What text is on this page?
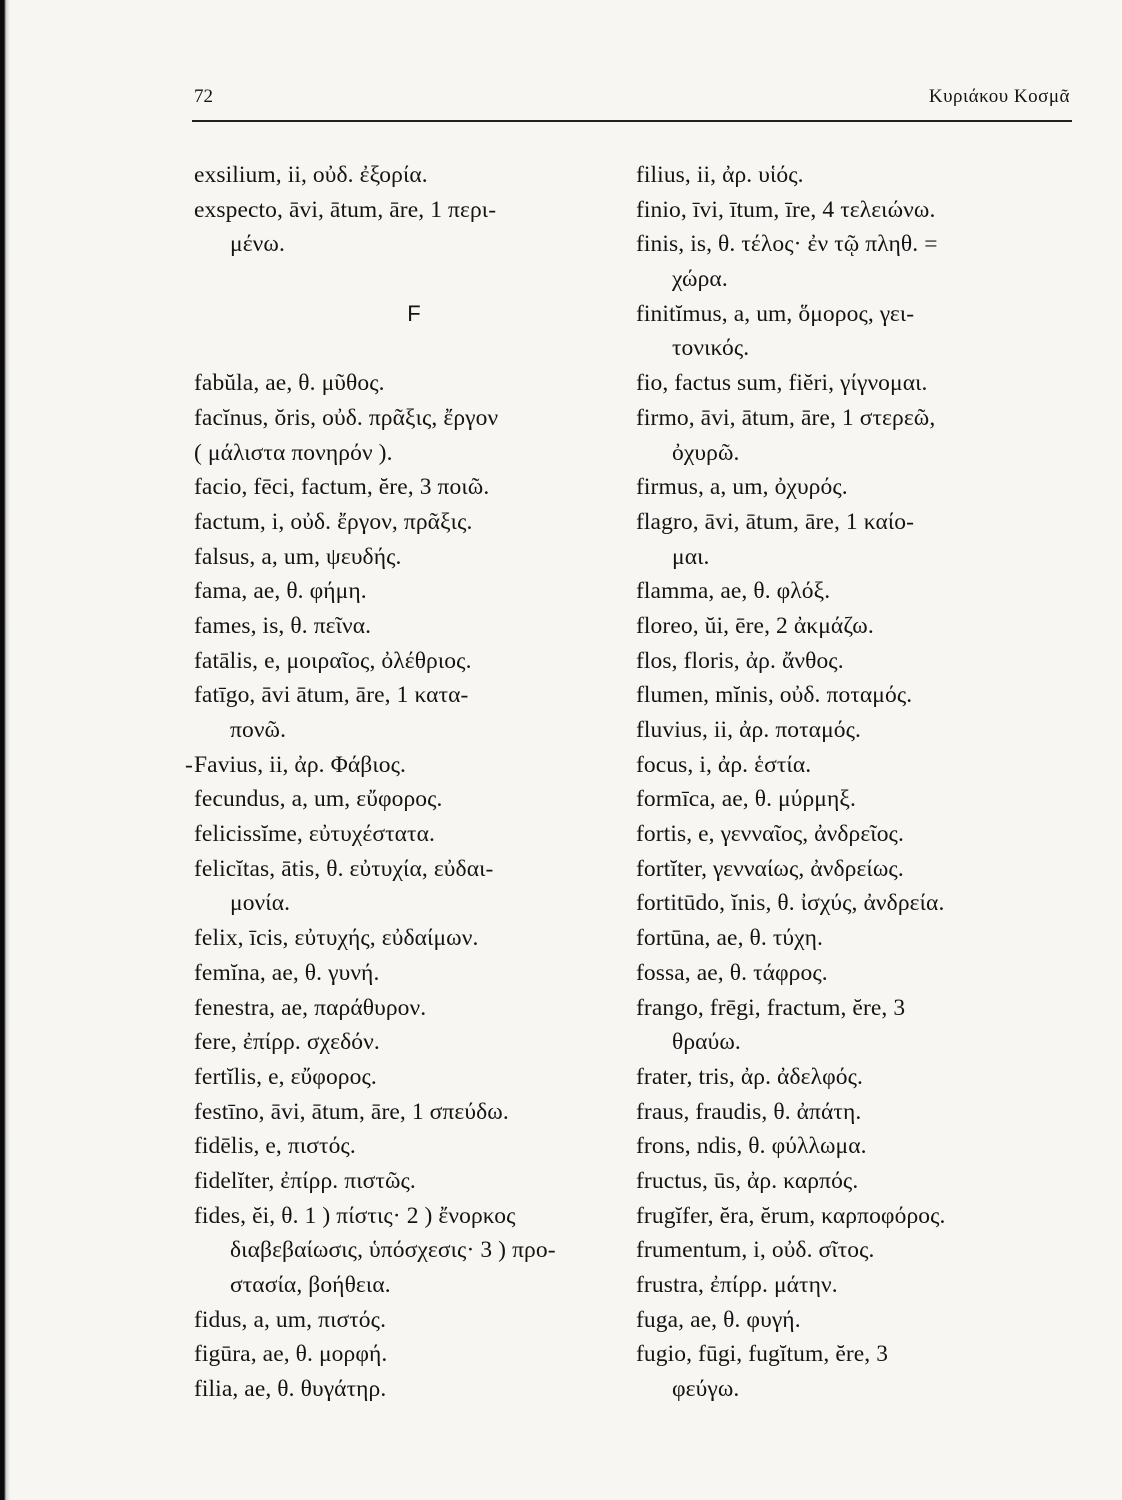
72	Κυριάκου Κοσμᾶ
exsilium, ii, οὐδ. ἐξορία.
exspecto, āvi, ātum, āre, 1 περι-
μένω.
F
fabŭla, ae, θ. μῦθος.
facĭnus, ŏris, οὐδ. πρᾶξις, ἔργον
( μάλιστα πονηρόν ).
facio, fēci, factum, ĕre, 3 ποιῶ.
factum, i, οὐδ. ἔργον, πρᾶξις.
falsus, a, um, ψευδής.
fama, ae, θ. φήμη.
fames, is, θ. πεῖνα.
fatālis, e, μοιραῖος, ὀλέθριος.
fatīgo, āvi ātum, āre, 1 κατα-
πονῶ.
- Favius, ii, ἀρ. Φάβιος.
fecundus, a, um, εὔφορος.
felicissĭme, εὐτυχέστατα.
felicĭtas, ātis, θ. εὐτυχία, εὐδαι-
μονία.
felix, īcis, εὐτυχής, εὐδαίμων.
femĭna, ae, θ. γυνή.
fenestra, ae, παράθυρον.
fere, ἐπίρρ. σχεδόν.
fertĭlis, e, εὔφορος.
festīno, āvi, ātum, āre, 1 σπεύδω.
fidēlis, e, πιστός.
fidelĭter, ἐπίρρ. πιστῶς.
fides, ĕi, θ. 1 ) πίστις· 2 ) ἔνορκος
διαβεβαίωσις, ὑπόσχεσις· 3 ) προ-
στασία, βοήθεια.
fidus, a, um, πιστός.
figūra, ae, θ. μορφή.
filia, ae, θ. θυγάτηρ.
filius, ii, ἀρ. υἱός.
finio, īvi, ītum, īre, 4 τελειώνω.
finis, is, θ. τέλος· ἐν τῷ πληθ. =
χώρα.
finitĭmus, a, um, ὅμορος, γει-
τονικός.
fio, factus sum, fiĕri, γίγνομαι.
firmo, āvi, ātum, āre, 1 στερεῶ,
ὀχυρῶ.
firmus, a, um, ὀχυρός.
flagro, āvi, ātum, āre, 1 καίο-
μαι.
flamma, ae, θ. φλόξ.
floreo, ŭi, ēre, 2 ἀκμάζω.
flos, floris, ἀρ. ἄνθος.
flumen, mĭnis, οὐδ. ποταμός.
fluvius, ii, ἀρ. ποταμός.
focus, i, ἀρ. ἑστία.
formīca, ae, θ. μύρμηξ.
fortis, e, γενναῖος, ἀνδρεῖος.
fortĭter, γενναίως, ἀνδρείως.
fortitūdo, ĭnis, θ. ἰσχύς, ἀνδρεία.
fortūna, ae, θ. τύχη.
fossa, ae, θ. τάφρος.
frango, frēgi, fractum, ĕre, 3
θραύω.
frater, tris, ἀρ. ἀδελφός.
fraus, fraudis, θ. ἀπάτη.
frons, ndis, θ. φύλλωμα.
fructus, ūs, ἀρ. καρπός.
frugĭfer, ĕra, ĕrum, καρποφόρος.
frumentum, i, οὐδ. σῖτος.
frustra, ἐπίρρ. μάτην.
fuga, ae, θ. φυγή.
fugio, fūgi, fugĭtum, ĕre, 3
φεύγω.
